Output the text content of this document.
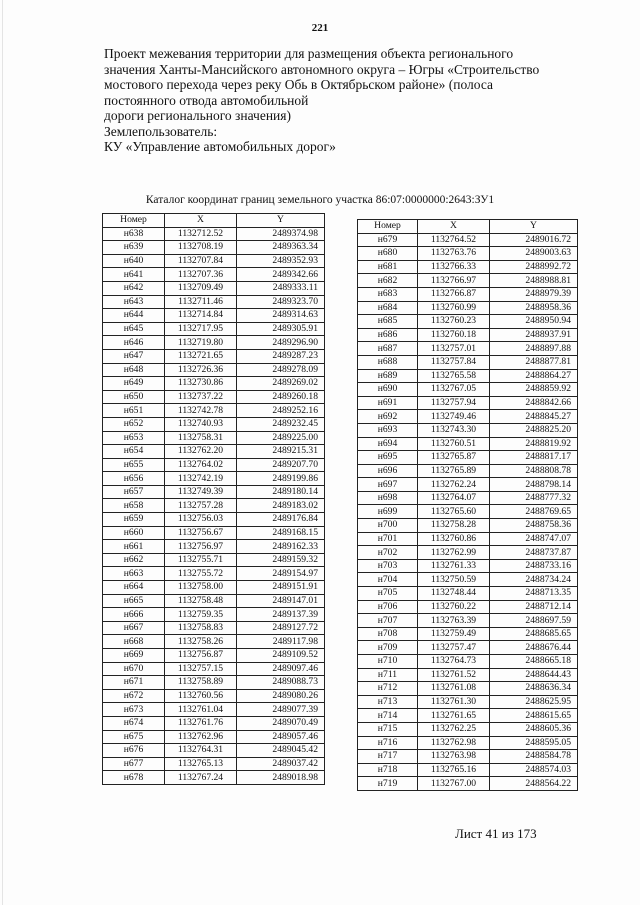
221
Проект межевания территории для размещения объекта регионального
значения Ханты-Мансийского автономного округа – Югры «Строительство
мостового перехода через реку Обь в Октябрьском районе» (полоса
постоянного отвода автомобильной
дороги регионального значения)
Землепользователь:
КУ «Управление автомобильных дорог»
Каталог координат границ земельного участка 86:07:0000000:2643:ЗУ1
Номер	X	Y
н638	1132712.52	2489374.98
н639	1132708.19	2489363.34
н640	1132707.84	2489352.93
н641	1132707.36	2489342.66
н642	1132709.49	2489333.11
н643	1132711.46	2489323.70
н644	1132714.84	2489314.63
н645	1132717.95	2489305.91
н646	1132719.80	2489296.90
н647	1132721.65	2489287.23
н648	1132726.36	2489278.09
н649	1132730.86	2489269.02
н650	1132737.22	2489260.18
н651	1132742.78	2489252.16
н652	1132740.93	2489232.45
н653	1132758.31	2489225.00
н654	1132762.20	2489215.31
н655	1132764.02	2489207.70
н656	1132742.19	2489199.86
н657	1132749.39	2489180.14
н658	1132757.28	2489183.02
н659	1132756.03	2489176.84
н660	1132756.67	2489168.15
н661	1132756.97	2489162.33
н662	1132755.71	2489159.32
н663	1132755.72	2489154.97
н664	1132758.00	2489151.91
н665	1132758.48	2489147.01
н666	1132759.35	2489137.39
н667	1132758.83	2489127.72
н668	1132758.26	2489117.98
н669	1132756.87	2489109.52
н670	1132757.15	2489097.46
н671	1132758.89	2489088.73
н672	1132760.56	2489080.26
н673	1132761.04	2489077.39
н674	1132761.76	2489070.49
н675	1132762.96	2489057.46
н676	1132764.31	2489045.42
н677	1132765.13	2489037.42
н678	1132767.24	2489018.98
Номер	X	Y
н679	1132764.52	2489016.72
н680	1132763.76	2489003.63
н681	1132766.33	2488992.72
н682	1132766.97	2488988.81
н683	1132766.87	2488979.39
н684	1132760.99	2488958.36
н685	1132760.23	2488950.94
н686	1132760.18	2488937.91
н687	1132757.01	2488897.88
н688	1132757.84	2488877.81
н689	1132765.58	2488864.27
н690	1132767.05	2488859.92
н691	1132757.94	2488842.66
н692	1132749.46	2488845.27
н693	1132743.30	2488825.20
н694	1132760.51	2488819.92
н695	1132765.87	2488817.17
н696	1132765.89	2488808.78
н697	1132762.24	2488798.14
н698	1132764.07	2488777.32
н699	1132765.60	2488769.65
н700	1132758.28	2488758.36
н701	1132760.86	2488747.07
н702	1132762.99	2488737.87
н703	1132761.33	2488733.16
н704	1132750.59	2488734.24
н705	1132748.44	2488713.35
н706	1132760.22	2488712.14
н707	1132763.39	2488697.59
н708	1132759.49	2488685.65
н709	1132757.47	2488676.44
н710	1132764.73	2488665.18
н711	1132761.52	2488644.43
н712	1132761.08	2488636.34
н713	1132761.30	2488625.95
н714	1132761.65	2488615.65
н715	1132762.25	2488605.36
н716	1132762.98	2488595.05
н717	1132763.98	2488584.78
н718	1132765.16	2488574.03
н719	1132767.00	2488564.22
Лист 41 из 173
